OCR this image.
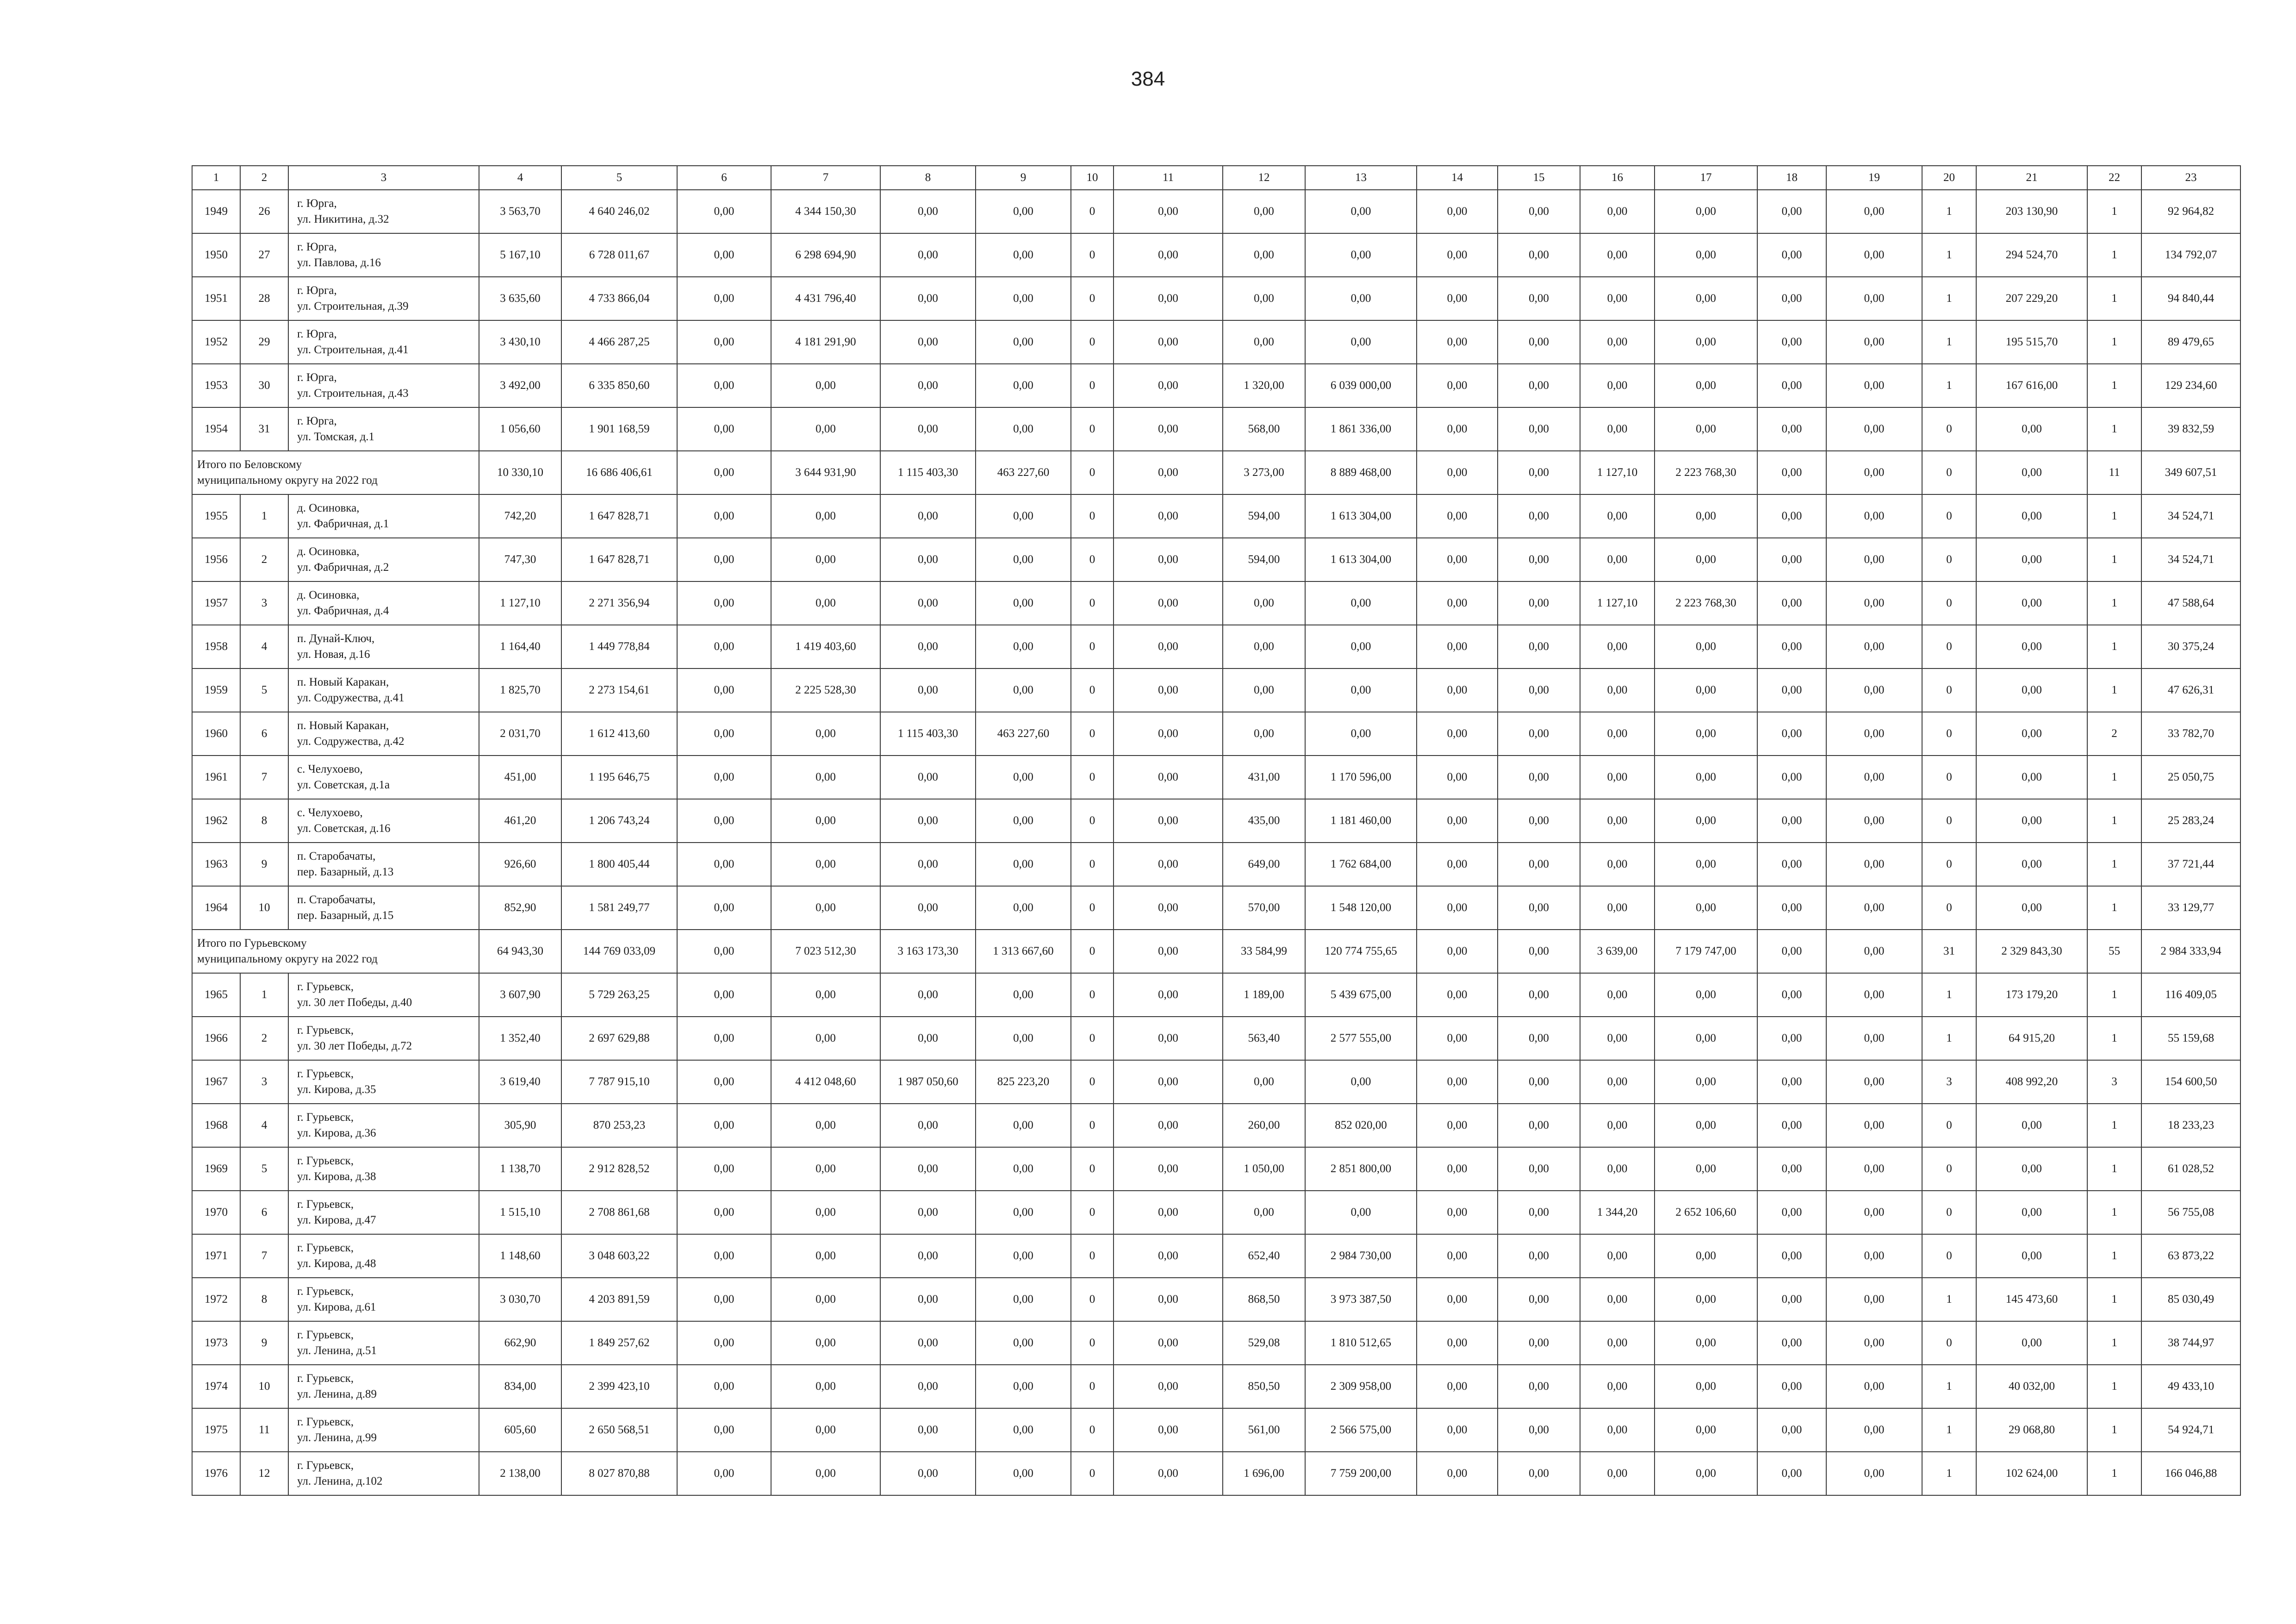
384
1	2	3	4	5	6	7	8	9	10	11	12	13	14	15	16	17	18	19	20	21	22	23
1949	26	г. Юрга,
ул. Никитина, д.32	3 563,70	4 640 246,02	0,00	4 344 150,30	0,00	0,00	0	0,00	0,00	0,00	0,00	0,00	0,00	0,00	0,00	0,00	1	203 130,90	1	92 964,82
1950	27	г. Юрга,
ул. Павлова, д.16	5 167,10	6 728 011,67	0,00	6 298 694,90	0,00	0,00	0	0,00	0,00	0,00	0,00	0,00	0,00	0,00	0,00	0,00	1	294 524,70	1	134 792,07
1951	28	г. Юрга,
ул. Строительная, д.39	3 635,60	4 733 866,04	0,00	4 431 796,40	0,00	0,00	0	0,00	0,00	0,00	0,00	0,00	0,00	0,00	0,00	0,00	1	207 229,20	1	94 840,44
1952	29	г. Юрга,
ул. Строительная, д.41	3 430,10	4 466 287,25	0,00	4 181 291,90	0,00	0,00	0	0,00	0,00	0,00	0,00	0,00	0,00	0,00	0,00	0,00	1	195 515,70	1	89 479,65
1953	30	г. Юрга,
ул. Строительная, д.43	3 492,00	6 335 850,60	0,00	0,00	0,00	0,00	0	0,00	1 320,00	6 039 000,00	0,00	0,00	0,00	0,00	0,00	0,00	1	167 616,00	1	129 234,60
1954	31	г. Юрга,
ул. Томская, д.1	1 056,60	1 901 168,59	0,00	0,00	0,00	0,00	0	0,00	568,00	1 861 336,00	0,00	0,00	0,00	0,00	0,00	0,00	0	0,00	1	39 832,59

Итого по Беловскому
муниципальному округу на 2022 год			10 330,10	16 686 406,61	0,00	3 644 931,90	1 115 403,30	463 227,60	0	0,00	3 273,00	8 889 468,00	0,00	0,00	1 127,10	2 223 768,30	0,00	0,00	0	0,00	11	349 607,51
1955	1	д. Осиновка,
ул. Фабричная, д.1	742,20	1 647 828,71	0,00	0,00	0,00	0,00	0	0,00	594,00	1 613 304,00	0,00	0,00	0,00	0,00	0,00	0,00	0	0,00	1	34 524,71
1956	2	д. Осиновка,
ул. Фабричная, д.2	747,30	1 647 828,71	0,00	0,00	0,00	0,00	0	0,00	594,00	1 613 304,00	0,00	0,00	0,00	0,00	0,00	0,00	0	0,00	1	34 524,71
1957	3	д. Осиновка,
ул. Фабричная, д.4	1 127,10	2 271 356,94	0,00	0,00	0,00	0,00	0	0,00	0,00	0,00	0,00	0,00	1 127,10	2 223 768,30	0,00	0,00	0	0,00	1	47 588,64
1958	4	п. Дунай-Ключ,
ул. Новая, д.16	1 164,40	1 449 778,84	0,00	1 419 403,60	0,00	0,00	0	0,00	0,00	0,00	0,00	0,00	0,00	0,00	0,00	0,00	0	0,00	1	30 375,24
1959	5	п. Новый Каракан,
ул. Содружества, д.41	1 825,70	2 273 154,61	0,00	2 225 528,30	0,00	0,00	0	0,00	0,00	0,00	0,00	0,00	0,00	0,00	0,00	0,00	0	0,00	1	47 626,31
1960	6	п. Новый Каракан,
ул. Содружества, д.42	2 031,70	1 612 413,60	0,00	0,00	1 115 403,30	463 227,60	0	0,00	0,00	0,00	0,00	0,00	0,00	0,00	0,00	0,00	0	0,00	2	33 782,70
1961	7	с. Челухоево,
ул. Советская, д.1а	451,00	1 195 646,75	0,00	0,00	0,00	0,00	0	0,00	431,00	1 170 596,00	0,00	0,00	0,00	0,00	0,00	0,00	0	0,00	1	25 050,75
1962	8	с. Челухоево,
ул. Советская, д.16	461,20	1 206 743,24	0,00	0,00	0,00	0,00	0	0,00	435,00	1 181 460,00	0,00	0,00	0,00	0,00	0,00	0,00	0	0,00	1	25 283,24
1963	9	п. Старобачаты,
пер. Базарный, д.13	926,60	1 800 405,44	0,00	0,00	0,00	0,00	0	0,00	649,00	1 762 684,00	0,00	0,00	0,00	0,00	0,00	0,00	0	0,00	1	37 721,44
1964	10	п. Старобачаты,
пер. Базарный, д.15	852,90	1 581 249,77	0,00	0,00	0,00	0,00	0	0,00	570,00	1 548 120,00	0,00	0,00	0,00	0,00	0,00	0,00	0	0,00	1	33 129,77

Итого по Гурьевскому
муниципальному округу на 2022 год			64 943,30	144 769 033,09	0,00	7 023 512,30	3 163 173,30	1 313 667,60	0	0,00	33 584,99	120 774 755,65	0,00	0,00	3 639,00	7 179 747,00	0,00	0,00	31	2 329 843,30	55	2 984 333,94
1965	1	г. Гурьевск,
ул. 30 лет Победы, д.40	3 607,90	5 729 263,25	0,00	0,00	0,00	0,00	0	0,00	1 189,00	5 439 675,00	0,00	0,00	0,00	0,00	0,00	0,00	1	173 179,20	1	116 409,05
1966	2	г. Гурьевск,
ул. 30 лет Победы, д.72	1 352,40	2 697 629,88	0,00	0,00	0,00	0,00	0	0,00	563,40	2 577 555,00	0,00	0,00	0,00	0,00	0,00	0,00	1	64 915,20	1	55 159,68
1967	3	г. Гурьевск,
ул. Кирова, д.35	3 619,40	7 787 915,10	0,00	4 412 048,60	1 987 050,60	825 223,20	0	0,00	0,00	0,00	0,00	0,00	0,00	0,00	0,00	0,00	3	408 992,20	3	154 600,50
1968	4	г. Гурьевск,
ул. Кирова, д.36	305,90	870 253,23	0,00	0,00	0,00	0,00	0	0,00	260,00	852 020,00	0,00	0,00	0,00	0,00	0,00	0,00	0	0,00	1	18 233,23
1969	5	г. Гурьевск,
ул. Кирова, д.38	1 138,70	2 912 828,52	0,00	0,00	0,00	0,00	0	0,00	1 050,00	2 851 800,00	0,00	0,00	0,00	0,00	0,00	0,00	0	0,00	1	61 028,52
1970	6	г. Гурьевск,
ул. Кирова, д.47	1 515,10	2 708 861,68	0,00	0,00	0,00	0,00	0	0,00	0,00	0,00	0,00	0,00	1 344,20	2 652 106,60	0,00	0,00	0	0,00	1	56 755,08
1971	7	г. Гурьевск,
ул. Кирова, д.48	1 148,60	3 048 603,22	0,00	0,00	0,00	0,00	0	0,00	652,40	2 984 730,00	0,00	0,00	0,00	0,00	0,00	0,00	0	0,00	1	63 873,22
1972	8	г. Гурьевск,
ул. Кирова, д.61	3 030,70	4 203 891,59	0,00	0,00	0,00	0,00	0	0,00	868,50	3 973 387,50	0,00	0,00	0,00	0,00	0,00	0,00	1	145 473,60	1	85 030,49
1973	9	г. Гурьевск,
ул. Ленина, д.51	662,90	1 849 257,62	0,00	0,00	0,00	0,00	0	0,00	529,08	1 810 512,65	0,00	0,00	0,00	0,00	0,00	0,00	0	0,00	1	38 744,97
1974	10	г. Гурьевск,
ул. Ленина, д.89	834,00	2 399 423,10	0,00	0,00	0,00	0,00	0	0,00	850,50	2 309 958,00	0,00	0,00	0,00	0,00	0,00	0,00	1	40 032,00	1	49 433,10
1975	11	г. Гурьевск,
ул. Ленина, д.99	605,60	2 650 568,51	0,00	0,00	0,00	0,00	0	0,00	561,00	2 566 575,00	0,00	0,00	0,00	0,00	0,00	0,00	1	29 068,80	1	54 924,71
1976	12	г. Гурьевск,
ул. Ленина, д.102	2 138,00	8 027 870,88	0,00	0,00	0,00	0,00	0	0,00	1 696,00	7 759 200,00	0,00	0,00	0,00	0,00	0,00	0,00	1	102 624,00	1	166 046,88
